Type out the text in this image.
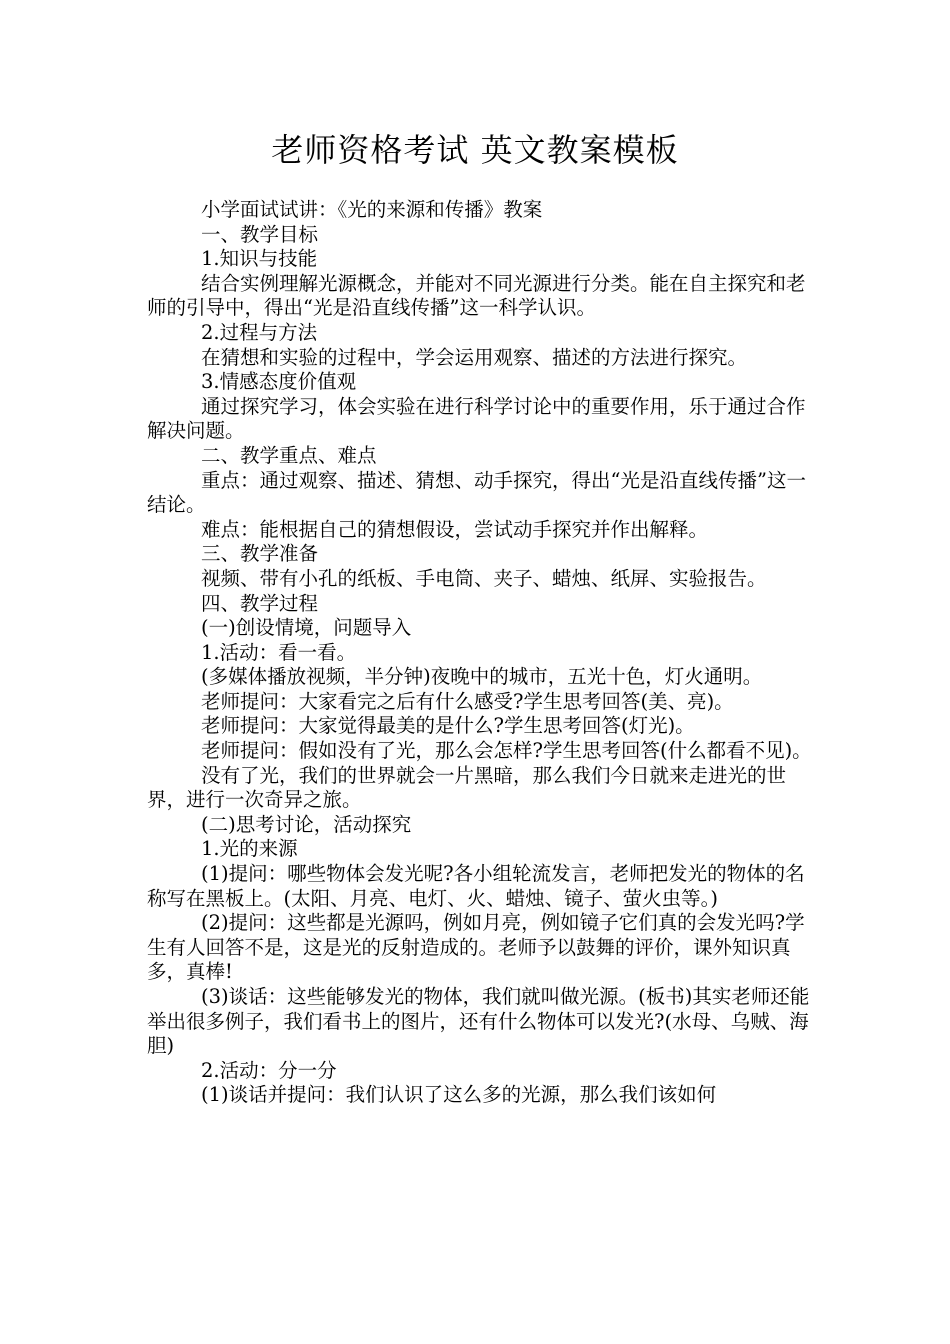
老师资格考试 英文教案模板

小学面试试讲：《光的来源和传播》教案

一、教学目标

1.知识与技能

结合实例理解光源概念，并能对不同光源进行分类。能在自主探究和老师的引导中，得出“光是沿直线传播”这一科学认识。

2.过程与方法

在猜想和实验的过程中，学会运用观察、描述的方法进行探究。

3.情感态度价值观

通过探究学习，体会实验在进行科学讨论中的重要作用，乐于通过合作解决问题。

二、教学重点、难点

重点：通过观察、描述、猜想、动手探究，得出“光是沿直线传播”这一结论。

难点：能根据自己的猜想假设，尝试动手探究并作出解释。

三、教学准备

视频、带有小孔的纸板、手电筒、夹子、蜡烛、纸屏、实验报告。

四、教学过程

(一)创设情境，问题导入

1.活动：看一看。

(多媒体播放视频，半分钟)夜晚中的城市，五光十色，灯火通明。

老师提问：大家看完之后有什么感受?学生思考回答(美、亮)。

老师提问：大家觉得最美的是什么?学生思考回答(灯光)。

老师提问：假如没有了光，那么会怎样?学生思考回答(什么都看不见)。

没有了光，我们的世界就会一片黑暗，那么我们今日就来走进光的世界，进行一次奇异之旅。

(二)思考讨论，活动探究

1.光的来源

(1)提问：哪些物体会发光呢?各小组轮流发言，老师把发光的物体的名称写在黑板上。(太阳、月亮、电灯、火、蜡烛、镜子、萤火虫等。)

(2)提问：这些都是光源吗，例如月亮，例如镜子它们真的会发光吗?学生有人回答不是，这是光的反射造成的。老师予以鼓舞的评价，课外知识真多，真棒!

(3)谈话：这些能够发光的物体，我们就叫做光源。(板书)其实老师还能举出很多例子，我们看书上的图片，还有什么物体可以发光?(水母、乌贼、海胆)

2.活动：分一分

(1)谈话并提问：我们认识了这么多的光源，那么我们该如何
